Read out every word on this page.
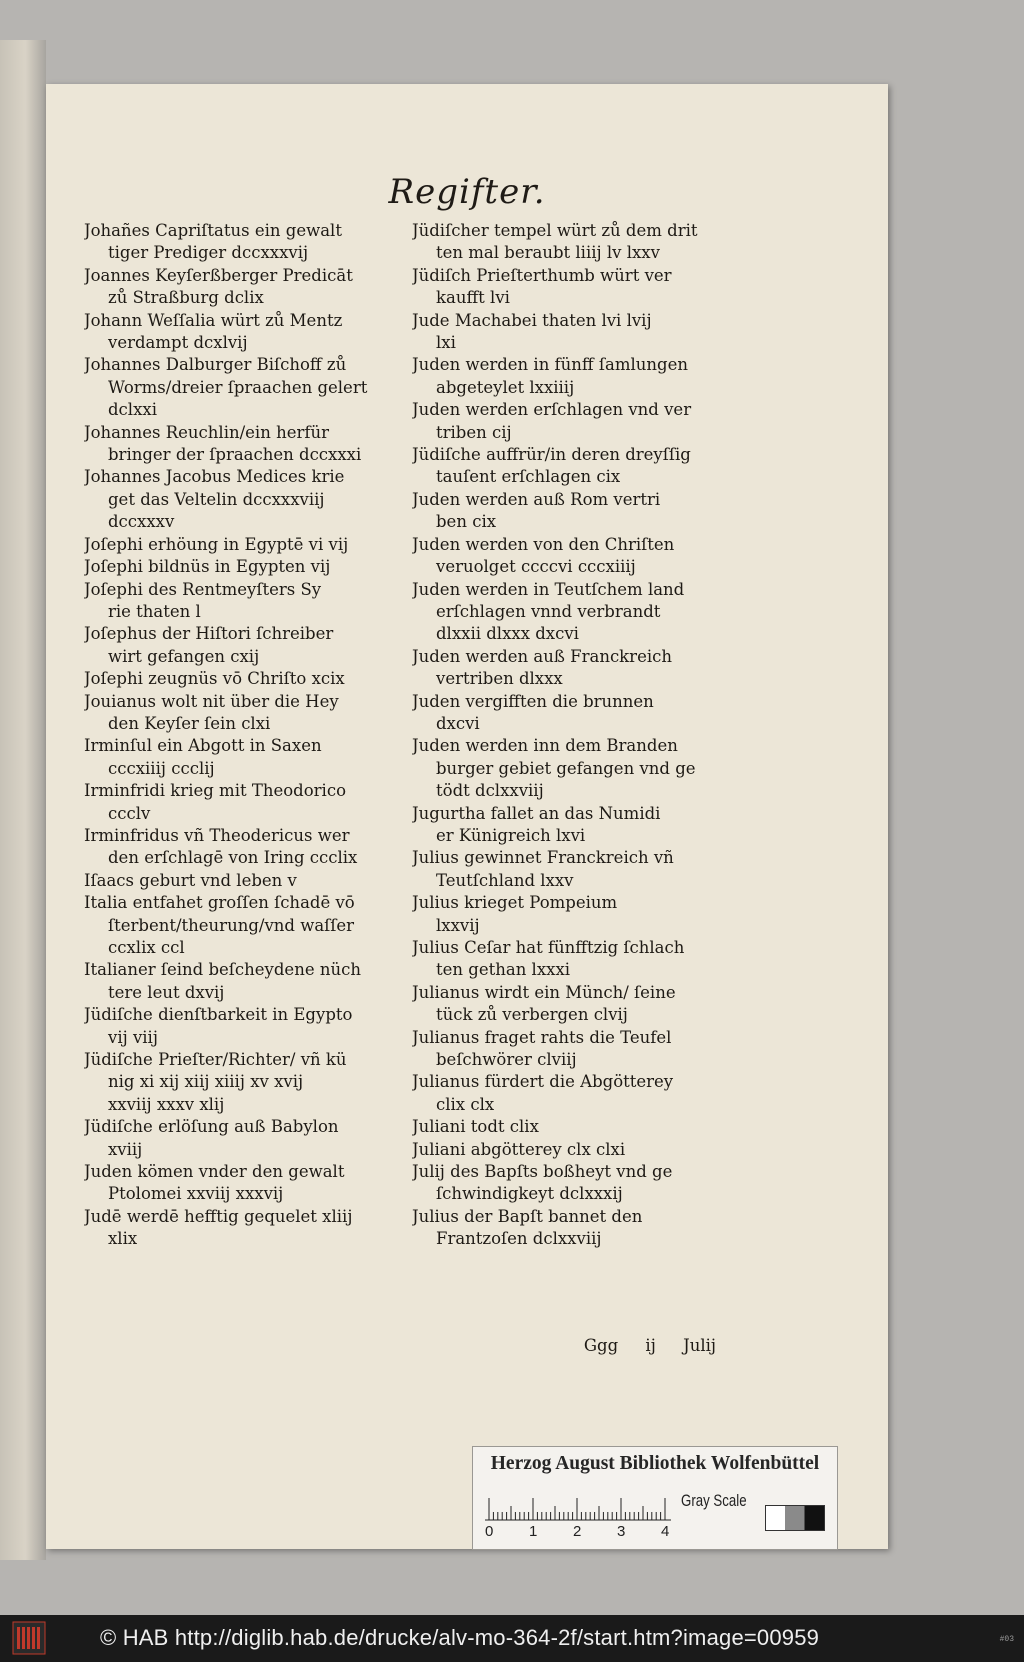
Regifter.
Johañes Capriſtatus ein gewalt
tiger Prediger dccxxxvij
Joannes Keyſerßberger Predicāt
zů Straßburg dclix
Johann Weſſalia würt zů Mentz
verdampt dcxlvij
Johannes Dalburger Biſchoff zů
Worms/dreier ſpraachen gelert
dclxxi
Johannes Reuchlin/ein herfür
bringer der ſpraachen dccxxxi
Johannes Jacobus Medices krie
get das Veltelin dccxxxviij
dccxxxv
Joſephi erhöung in Egyptē vi vij
Joſephi bildnüs in Egypten vij
Joſephi des Rentmeyſters Sy
rie thaten l
Joſephus der Hiſtori ſchreiber
wirt gefangen cxij
Joſephi zeugnüs vō Chriſto xcix
Jouianus wolt nit über die Hey
den Keyſer ſein clxi
Irminſul ein Abgott in Saxen
cccxiiij ccclij
Irminfridi krieg mit Theodorico
ccclv
Irminfridus vñ Theodericus wer
den erſchlagē von Iring ccclix
Iſaacs geburt vnd leben v
Italia entfahet groſſen ſchadē vō
ſterbent/theurung/vnd waſſer
ccxlix ccl
Italianer ſeind beſcheydene nüch
tere leut dxvij
Jüdiſche dienſtbarkeit in Egypto
vij viij
Jüdiſche Prieſter/Richter/ vñ kü
nig xi xij xiij xiiij xv xvij
xxviij xxxv xlij
Jüdiſche erlöſung auß Babylon
xviij
Juden kömen vnder den gewalt
Ptolomei xxviij xxxvij
Judē werdē hefftig gequelet xliij
xlix
Jüdiſcher tempel würt zů dem drit
ten mal beraubt liiij lv lxxv
Jüdiſch Prieſterthumb würt ver
kaufft lvi
Jude Machabei thaten lvi lvij
lxi
Juden werden in fünff ſamlungen
abgeteylet lxxiiij
Juden werden erſchlagen vnd ver
triben cij
Jüdiſche auffrür/in deren dreyſſig
tauſent erſchlagen cix
Juden werden auß Rom vertri
ben cix
Juden werden von den Chriſten
veruolget ccccvi cccxiiij
Juden werden in Teutſchem land
erſchlagen vnnd verbrandt
dlxxii dlxxx dxcvi
Juden werden auß Franckreich
vertriben dlxxx
Juden vergifften die brunnen
dxcvi
Juden werden inn dem Branden
burger gebiet gefangen vnd ge
tödt dclxxviij
Jugurtha fallet an das Numidi
er Künigreich lxvi
Julius gewinnet Franckreich vñ
Teutſchland lxxv
Julius krieget Pompeium
lxxvij
Julius Ceſar hat fünfftzig ſchlach
ten gethan lxxxi
Julianus wirdt ein Münch/ ſeine
tück zů verbergen clvij
Julianus fraget rahts die Teufel
beſchwörer clviij
Julianus fürdert die Abgötterey
clix clx
Juliani todt clix
Juliani abgötterey clx clxi
Julij des Bapſts boßheyt vnd ge
ſchwindigkeyt dclxxxij
Julius der Bapſt bannet den
Frantzoſen dclxxviij
Ggg ij Julij
Herzog August Bibliothek Wolfenbüttel
0 1 2 3 4
Gray Scale
© HAB http://diglib.hab.de/drucke/alv-mo-364-2f/start.htm?image=00959	#03
